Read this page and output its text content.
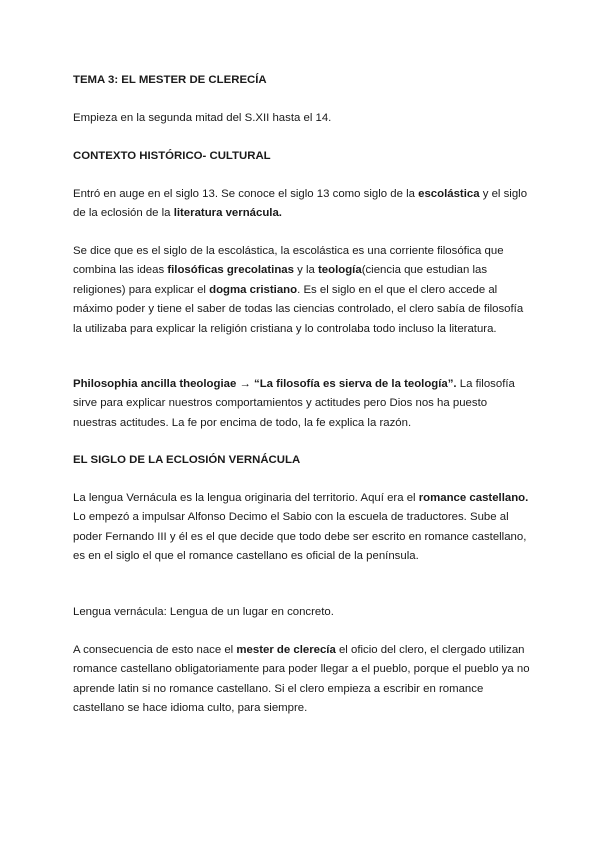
TEMA 3: EL MESTER DE CLERECÍA

Empieza en la segunda mitad del S.XII hasta el 14.

CONTEXTO HISTÓRICO- CULTURAL

Entró en auge en el siglo 13. Se conoce el siglo 13 como siglo de la escolástica y el siglo de la eclosión de la literatura vernácula.

Se dice que es el siglo de la escolástica, la escolástica es una corriente filosófica que combina las ideas filosóficas grecolatinas y la teología(ciencia que estudian las religiones) para explicar el dogma cristiano. Es el siglo en el que el clero accede al máximo poder y tiene el saber de todas las ciencias controlado, el clero sabía de filosofía la utilizaba para explicar la religión cristiana y lo controlaba todo incluso la literatura.

Philosophia ancilla theologiae → “La filosofía es sierva de la teología”. La filosofía sirve para explicar nuestros comportamientos y actitudes pero Dios nos ha puesto nuestras actitudes. La fe por encima de todo, la fe explica la razón.

EL SIGLO DE LA ECLOSIÓN VERNÁCULA

La lengua Vernácula es la lengua originaria del territorio. Aquí era el romance castellano. Lo empezó a impulsar Alfonso Decimo el Sabio con la escuela de traductores. Sube al poder Fernando III y él es el que decide que todo debe ser escrito en romance castellano, es en el siglo el que el romance castellano es oficial de la península.

Lengua vernácula: Lengua de un lugar en concreto.

A consecuencia de esto nace el mester de clerecía el oficio del clero, el clergado utilizan romance castellano obligatoriamente para poder llegar a el pueblo, porque el pueblo ya no aprende latin si no romance castellano. Si el clero empieza a escribir en romance castellano se hace idioma culto, para siempre.
